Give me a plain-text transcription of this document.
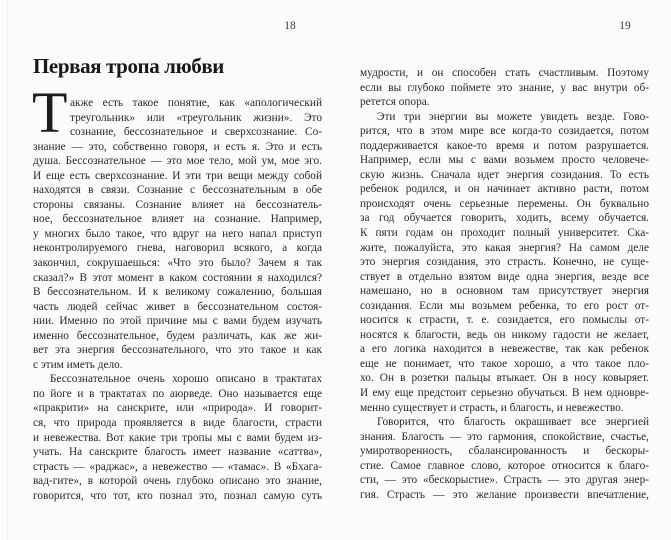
18
Первая тропа любви
Т акже есть такое понятие, как «апологический
треугольник» или «треугольник жизни». Это
сознание, бессознательное и сверхсознание. Со-
знание — это, собственно говоря, и есть я. Это и есть
душа. Бессознательное — это мое тело, мой ум, мое эго.
И еще есть сверхсознание. И эти три вещи между собой
находятся в связи. Сознание с бессознательным в обе
стороны связаны. Сознание влияет на бессознатель-
ное, бессознательное влияет на сознание. Например,
у многих было такое, что вдруг на него напал приступ
неконтролируемого гнева, наговорил всякого, а когда
закончил, сокрушаешься: «Что это было? Зачем я так
сказал?» В этот момент в каком состоянии я находился?
В бессознательном. И к великому сожалению, большая
часть людей сейчас живет в бессознательном состоя-
нии. Именно по этой причине мы с вами будем изучать
именно бессознательное, будем различать, как же жи-
вет эта энергия бессознательного, что это такое и как
с этим иметь дело.
Бессознательное очень хорошо описано в трактатах
по йоге и в трактатах по аюрведе. Оно называется еще
«пракрити» на санскрите, или «природа». И говорит-
ся, что природа проявляется в виде благости, страсти
и невежества. Вот какие три тропы мы с вами будем из-
учать. На санскрите благость имеет название «саттва»,
страсть — «раджас», а невежество — «тамас». В «Бхага-
вад-гите», в которой очень глубоко описано это знание,
говорится, что тот, кто познал это, познал самую суть
19
мудрости, и он способен стать счастливым. Поэтому
если вы глубоко поймете это знание, у вас внутри об-
ретется опора.
Эти три энергии вы можете увидеть везде. Гово-
рится, что в этом мире все когда-то созидается, потом
поддерживается какое-то время и потом разрушается.
Например, если мы с вами возьмем просто человече-
скую жизнь. Сначала идет энергия созидания. То есть
ребенок родился, и он начинает активно расти, потом
происходят очень серьезные перемены. Он буквально
за год обучается говорить, ходить, всему обучается.
К пяти годам он проходит полный университет. Ска-
жите, пожалуйста, это какая энергия? На самом деле
это энергия созидания, это страсть. Конечно, не суще-
ствует в отдельно взятом виде одна энергия, везде все
намешано, но в основном там присутствует энергия
созидания. Если мы возьмем ребенка, то его рост от-
носится к страсти, т. е. созидается, его помыслы от-
носятся к благости, ведь он никому гадости не желает,
а его логика находится в невежестве, так как ребенок
еще не понимает, что такое хорошо, а что такое пло-
хо. Он в розетки пальцы втыкает. Он в носу ковыряет.
И ему еще предстоит серьезно обучаться. В нем одновре-
менно существует и страсть, и благость, и невежество.
Говорится, что благость окрашивает все энергией
знания. Благость — это гармония, спокойствие, счастье,
умиротворенность, сбалансированность и бескоры-
стие. Самое главное слово, которое относится к благо-
сти, — это «бескорыстие». Страсть — это другая энер-
гия. Страсть — это желание произвести впечатление,
